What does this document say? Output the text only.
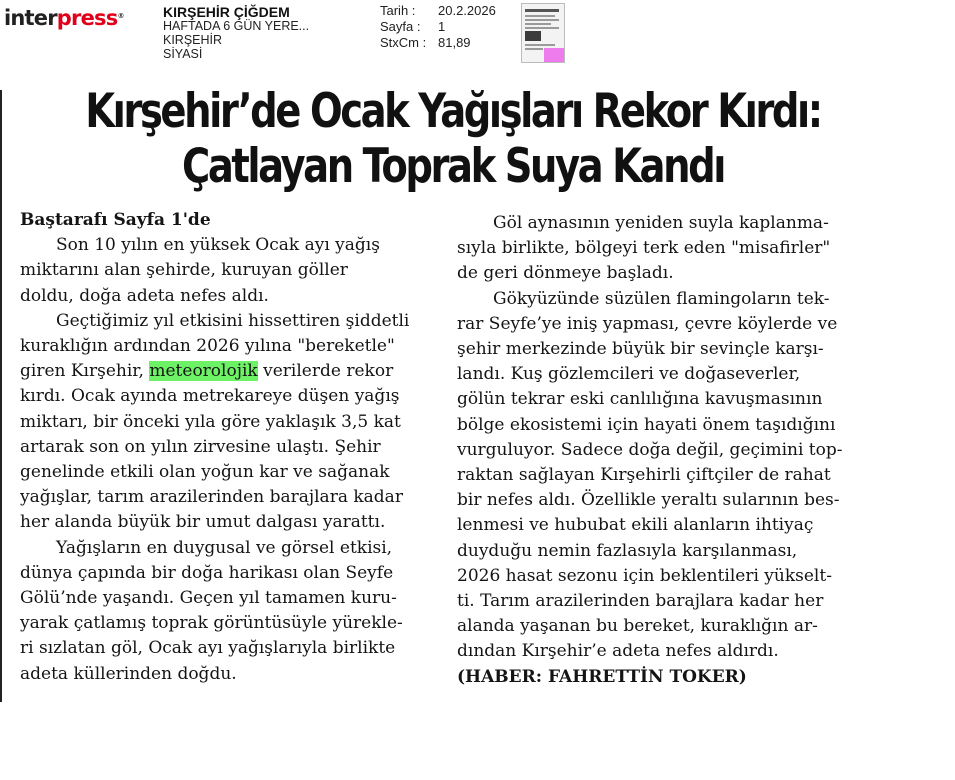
interpress®	KIRŞEHİR ÇİĞDEM
HAFTADA 6 GÜN YERE...
KIRŞEHİR
SİYASİ
Tarih :	20.2.2026
Sayfa :	1
StxCm : 81,89
Kırşehir’de Ocak Yağışları Rekor Kırdı:
Çatlayan Toprak Suya Kandı
Baştarafı Sayfa 1'de
Son 10 yılın en yüksek Ocak ayı yağış
miktarını alan şehirde, kuruyan göller
doldu, doğa adeta nefes aldı.
Geçtiğimiz yıl etkisini hissettiren şiddetli
kuraklığın ardından 2026 yılına "bereketle"
giren Kırşehir, meteorolojik verilerde rekor
kırdı. Ocak ayında metrekareye düşen yağış
miktarı, bir önceki yıla göre yaklaşık 3,5 kat
artarak son on yılın zirvesine ulaştı. Şehir
genelinde etkili olan yoğun kar ve sağanak
yağışlar, tarım arazilerinden barajlara kadar
her alanda büyük bir umut dalgası yarattı.
Yağışların en duygusal ve görsel etkisi,
dünya çapında bir doğa harikası olan Seyfe
Gölü’nde yaşandı. Geçen yıl tamamen kuru-
yarak çatlamış toprak görüntüsüyle yürekle-
ri sızlatan göl, Ocak ayı yağışlarıyla birlikte
adeta küllerinden doğdu.
Göl aynasının yeniden suyla kaplanma-
sıyla birlikte, bölgeyi terk eden "misafirler"
de geri dönmeye başladı.
Gökyüzünde süzülen flamingoların tek-
rar Seyfe’ye iniş yapması, çevre köylerde ve
şehir merkezinde büyük bir sevinçle karşı-
landı. Kuş gözlemcileri ve doğaseverler,
gölün tekrar eski canlılığına kavuşmasının
bölge ekosistemi için hayati önem taşıdığını
vurguluyor. Sadece doğa değil, geçimini top-
raktan sağlayan Kırşehirli çiftçiler de rahat
bir nefes aldı. Özellikle yeraltı sularının bes-
lenmesi ve hububat ekili alanların ihtiyaç
duyduğu nemin fazlasıyla karşılanması,
2026 hasat sezonu için beklentileri yükselt-
ti. Tarım arazilerinden barajlara kadar her
alanda yaşanan bu bereket, kuraklığın ar-
dından Kırşehir’e adeta nefes aldırdı.
(HABER: FAHRETTİN TOKER)
